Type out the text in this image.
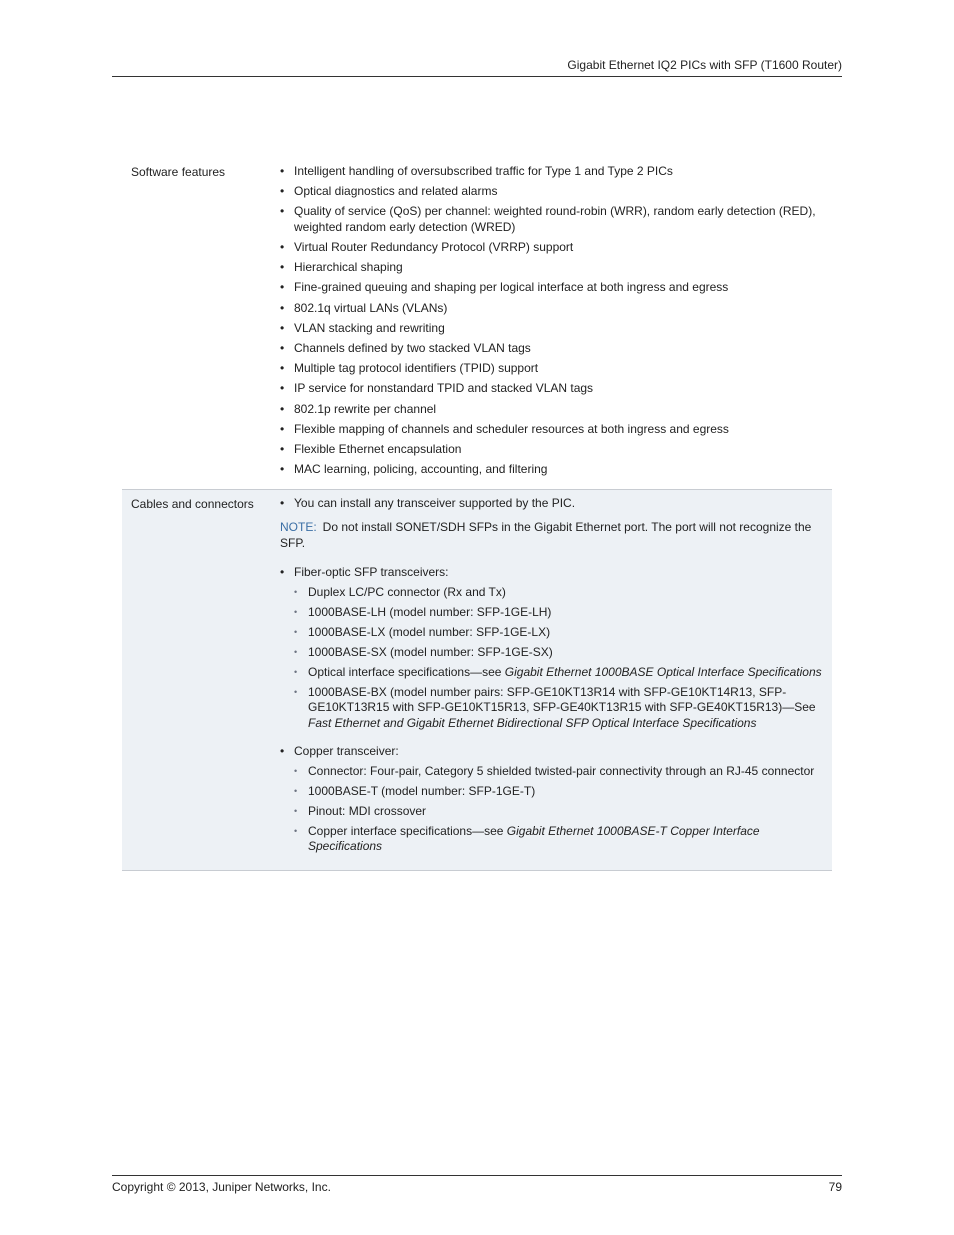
Gigabit Ethernet IQ2 PICs with SFP (T1600 Router)
Software features	• Intelligent handling of oversubscribed traffic for Type 1 and Type 2 PICs
• Optical diagnostics and related alarms
• Quality of service (QoS) per channel: weighted round-robin (WRR), random early detection (RED), weighted random early detection (WRED)
• Virtual Router Redundancy Protocol (VRRP) support
• Hierarchical shaping
• Fine-grained queuing and shaping per logical interface at both ingress and egress
• 802.1q virtual LANs (VLANs)
• VLAN stacking and rewriting
• Channels defined by two stacked VLAN tags
• Multiple tag protocol identifiers (TPID) support
• IP service for nonstandard TPID and stacked VLAN tags
• 802.1p rewrite per channel
• Flexible mapping of channels and scheduler resources at both ingress and egress
• Flexible Ethernet encapsulation
• MAC learning, policing, accounting, and filtering
Cables and connectors	• You can install any transceiver supported by the PIC.
NOTE: Do not install SONET/SDH SFPs in the Gigabit Ethernet port. The port will not recognize the SFP.
• Fiber-optic SFP transceivers:
• Duplex LC/PC connector (Rx and Tx)
• 1000BASE-LH (model number: SFP-1GE-LH)
• 1000BASE-LX (model number: SFP-1GE-LX)
• 1000BASE-SX (model number: SFP-1GE-SX)
• Optical interface specifications—see Gigabit Ethernet 1000BASE Optical Interface Specifications
• 1000BASE-BX (model number pairs: SFP-GE10KT13R14 with SFP-GE10KT14R13, SFP-GE10KT13R15 with SFP-GE10KT15R13, SFP-GE40KT13R15 with SFP-GE40KT15R13)—See Fast Ethernet and Gigabit Ethernet Bidirectional SFP Optical Interface Specifications
• Copper transceiver:
• Connector: Four-pair, Category 5 shielded twisted-pair connectivity through an RJ-45 connector
• 1000BASE-T (model number: SFP-1GE-T)
• Pinout: MDI crossover
• Copper interface specifications—see Gigabit Ethernet 1000BASE-T Copper Interface Specifications
Copyright © 2013, Juniper Networks, Inc.	79
